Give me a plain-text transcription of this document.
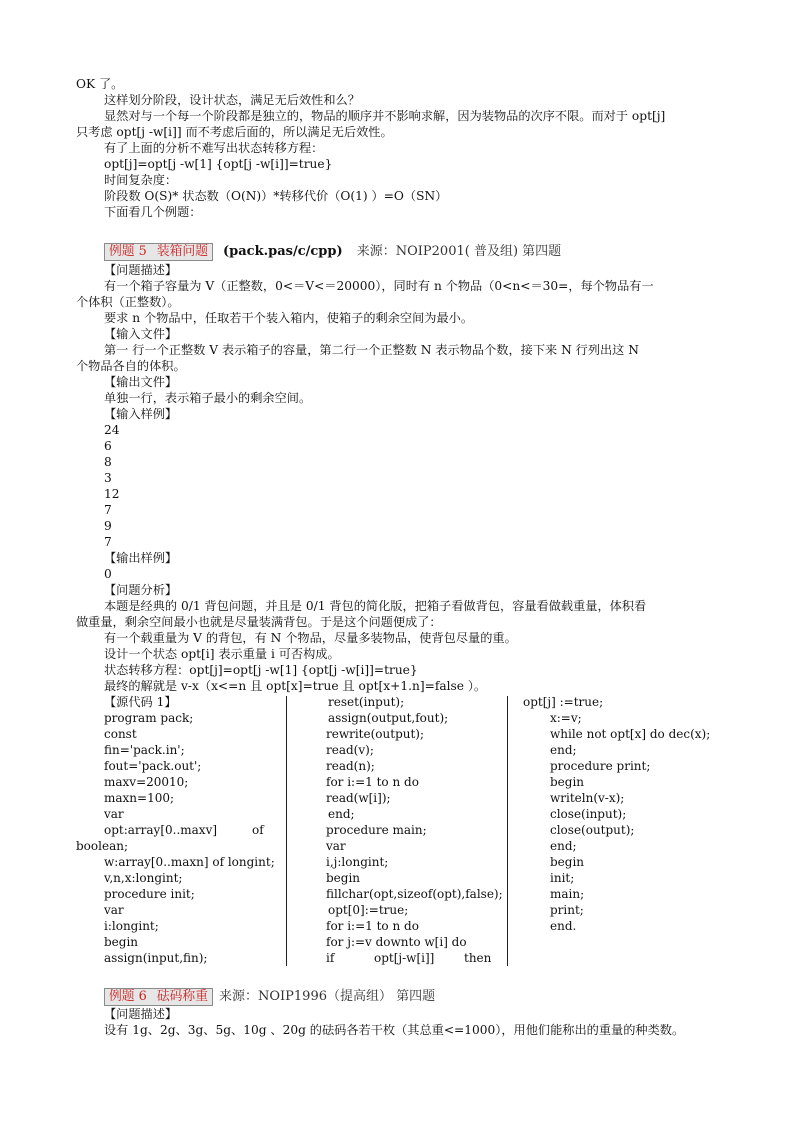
OK 了。
这样划分阶段，设计状态，满足无后效性和么？
显然对与一个每一个阶段都是独立的，物品的顺序并不影响求解，因为装物品的次序不限。而对于 opt[j]
只考虑 opt[j -w[i]] 而不考虑后面的，所以满足无后效性。
有了上面的分析不难写出状态转移方程：
opt[j]=opt[j -w[1] {opt[j -w[i]]=true}
时间复杂度：
阶段数 O(S)* 状态数（O(N)）*转移代价（O(1) ）=O（SN）
下面看几个例题：
例题 5 装箱问题 (pack.pas/c/cpp) 来源：NOIP2001( 普及组) 第四题
【问题描述】
有一个箱子容量为 V（正整数，0<＝V<＝20000），同时有 n 个物品（0<n<＝30=，每个物品有一
个体积（正整数）。
要求 n 个物品中，任取若干个装入箱内，使箱子的剩余空间为最小。
【输入文件】
第一 行一个正整数 V 表示箱子的容量，第二行一个正整数 N 表示物品个数，接下来 N 行列出这 N
个物品各自的体积。
【输出文件】
单独一行，表示箱子最小的剩余空间。
【输入样例】
24
6
8
3
12
7
9
7
【输出样例】
0
【问题分析】
本题是经典的 0/1 背包问题，并且是 0/1 背包的简化版，把箱子看做背包，容量看做载重量，体积看
做重量，剩余空间最小也就是尽量装满背包。于是这个问题便成了：
有一个载重量为 V 的背包，有 N 个物品，尽量多装物品，使背包尽量的重。
设计一个状态 opt[i] 表示重量 i 可否构成。
状态转移方程：opt[j]=opt[j -w[1] {opt[j -w[i]]=true}
最终的解就是 v-x（x<=n 且 opt[x]=true 且 opt[x+1.n]=false ）。
【源代码 1】
program pack;
const
fin='pack.in';
fout='pack.out';
maxv=20010;
maxn=100;
var
opt:array[0..maxv]	of
boolean;
w:array[0..maxn] of longint;
v,n,x:longint;
procedure init;
var
i:longint;
begin
assign(input,fin);
reset(input);
assign(output,fout);
rewrite(output);
read(v);
read(n);
for i:=1 to n do
read(w[i]);
end;
procedure main;
var
i,j:longint;
begin
fillchar(opt,sizeof(opt),false);
opt[0]:=true;
for i:=1 to n do
for j:=v downto w[i] do
if	opt[j-w[i]] then
opt[j] :=true;
x:=v;
while not opt[x] do dec(x);
end;
procedure print;
begin
writeln(v-x);
close(input);
close(output);
end;
begin
init;
main;
print;
end.
例题 6 砝码称重 来源：NOIP1996（提高组） 第四题
【问题描述】
设有 1g、2g、3g、5g、10g 、20g 的砝码各若干枚（其总重<=1000），用他们能称出的重量的种类数。
